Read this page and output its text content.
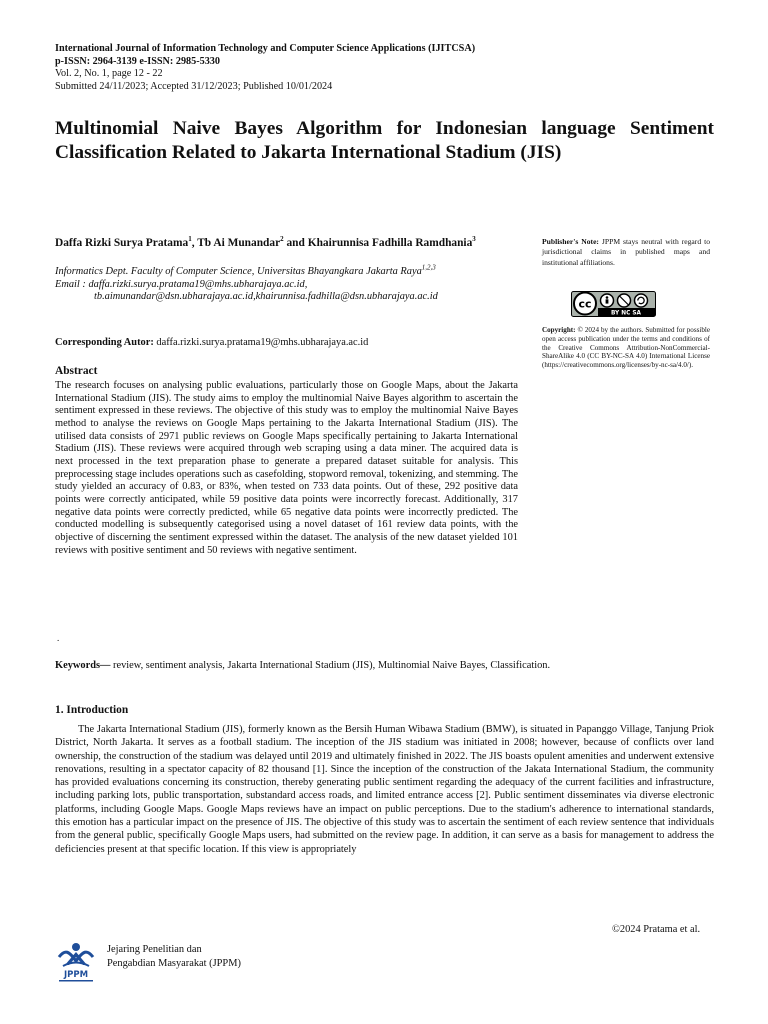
International Journal of Information Technology and Computer Science Applications (IJITCSA)
p-ISSN: 2964-3139 e-ISSN: 2985-5330
Vol. 2, No. 1, page 12 - 22
Submitted 24/11/2023; Accepted 31/12/2023; Published 10/01/2024
Multinomial Naive Bayes Algorithm for Indonesian language Sentiment Classification Related to Jakarta International Stadium (JIS)
Daffa Rizki Surya Pratama$^1$, Tb Ai Munandar$^2$ and Khairunnisa Fadhilla Ramdhania$^3$
Informatics Dept. Faculty of Computer Science, Universitas Bhayangkara Jakarta Raya$^{1,2,3}$
Email : daffa.rizki.surya.pratama19@mhs.ubharajaya.ac.id,
tb.aimunandar@dsn.ubharajaya.ac.id,khairunnisa.fadhilla@dsn.ubharajaya.ac.id
Corresponding Autor: daffa.rizki.surya.pratama19@mhs.ubharajaya.ac.id
Abstract
The research focuses on analysing public evaluations, particularly those on Google Maps, about the Jakarta International Stadium (JIS). The study aims to employ the multinomial Naive Bayes algorithm to ascertain the sentiment expressed in these reviews. The objective of this study was to employ the multinomial Naive Bayes method to analyse the reviews on Google Maps pertaining to the Jakarta International Stadium (JIS). The utilised data consists of 2971 public reviews on Google Maps specifically pertaining to Jakarta International Stadium (JIS). These reviews were acquired through web scraping using a data miner. The acquired data is next processed in the text preparation phase to generate a prepared dataset suitable for analysis. This preprocessing stage includes operations such as casefolding, stopword removal, tokenizing, and stemming. The study yielded an accuracy of 0.83, or 83%, when tested on 733 data points. Out of these, 292 positive data points were correctly anticipated, while 59 positive data points were incorrectly forecast. Additionally, 317 negative data points were correctly predicted, while 65 negative data points were incorrectly predicted. The conducted modelling is subsequently categorised using a novel dataset of 161 review data points, with the objective of discerning the sentiment expressed within the dataset. The analysis of the new dataset yielded 101 reviews with positive sentiment and 50 reviews with negative sentiment.
.
Publisher's Note: JPPM stays neutral with regard to jurisdictional claims in published maps and institutional affiliations.
cc
BY NC SA
Copyright: © 2024 by the authors. Submitted for possible open access publication under the terms and conditions of the Creative Commons Attribution-NonCommercial-ShareAlike 4.0 (CC BY-NC-SA 4.0) International License (https://creativecommons.org/licenses/by-nc-sa/4.0/).
Keywords— review, sentiment analysis, Jakarta International Stadium (JIS), Multinomial Naive Bayes, Classification.
1. Introduction
The Jakarta International Stadium (JIS), formerly known as the Bersih Human Wibawa Stadium (BMW), is situated in Papanggo Village, Tanjung Priok District, North Jakarta. It serves as a football stadium. The inception of the JIS stadium was initiated in 2008; however, because of conflicts over land ownership, the construction of the stadium was delayed until 2019 and ultimately finished in 2022. The JIS boasts opulent amenities and underwent extensive renovations, resulting in a spectator capacity of 82 thousand [1]. Since the inception of the construction of the Jakata International Stadium, the community has provided evaluations concerning its construction, thereby generating public sentiment regarding the adequacy of the current facilities and infrastructure, including parking lots, public transportation, substandard access roads, and limited entrance access [2]. Public sentiment disseminates via diverse electronic platforms, including Google Maps. Google Maps reviews have an impact on public perceptions. Due to the stadium's adherence to international standards, this emotion has a particular impact on the presence of JIS. The objective of this study was to ascertain the sentiment of each review sentence that individuals from the general public, specifically Google Maps users, had submitted on the review page. In addition, it can serve as a basis for management to address the deficiencies present at that specific location. If this view is appropriately
©2024 Pratama et al.
JPPM
Jejaring Penelitian dan
Pengabdian Masyarakat (JPPM)
